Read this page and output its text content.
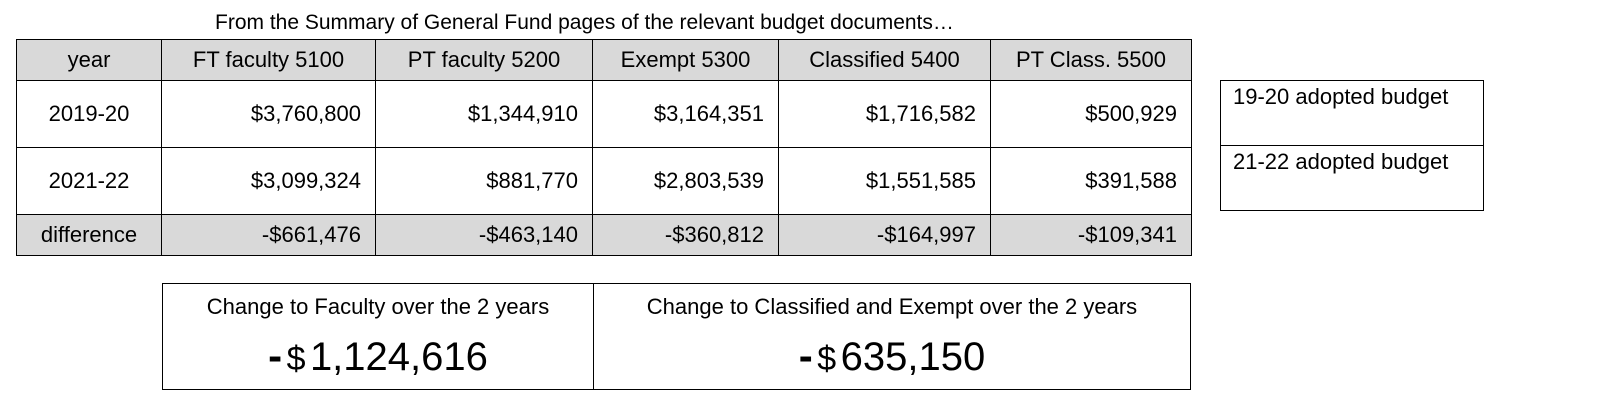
From the Summary of General Fund pages of the relevant budget documents…
year	FT faculty 5100	PT faculty 5200	Exempt 5300	Classified 5400	PT Class. 5500
2019-20	$3,760,800	$1,344,910	$3,164,351	$1,716,582	$500,929
2021-22	$3,099,324	$881,770	$2,803,539	$1,551,585	$391,588
difference	-$661,476	-$463,140	-$360,812	-$164,997	-$109,341
19-20 adopted budget
21-22 adopted budget
Change to Faculty over the 2 years
- $ 1,124,616

Change to Classified and Exempt over the 2 years
- $ 635,150
